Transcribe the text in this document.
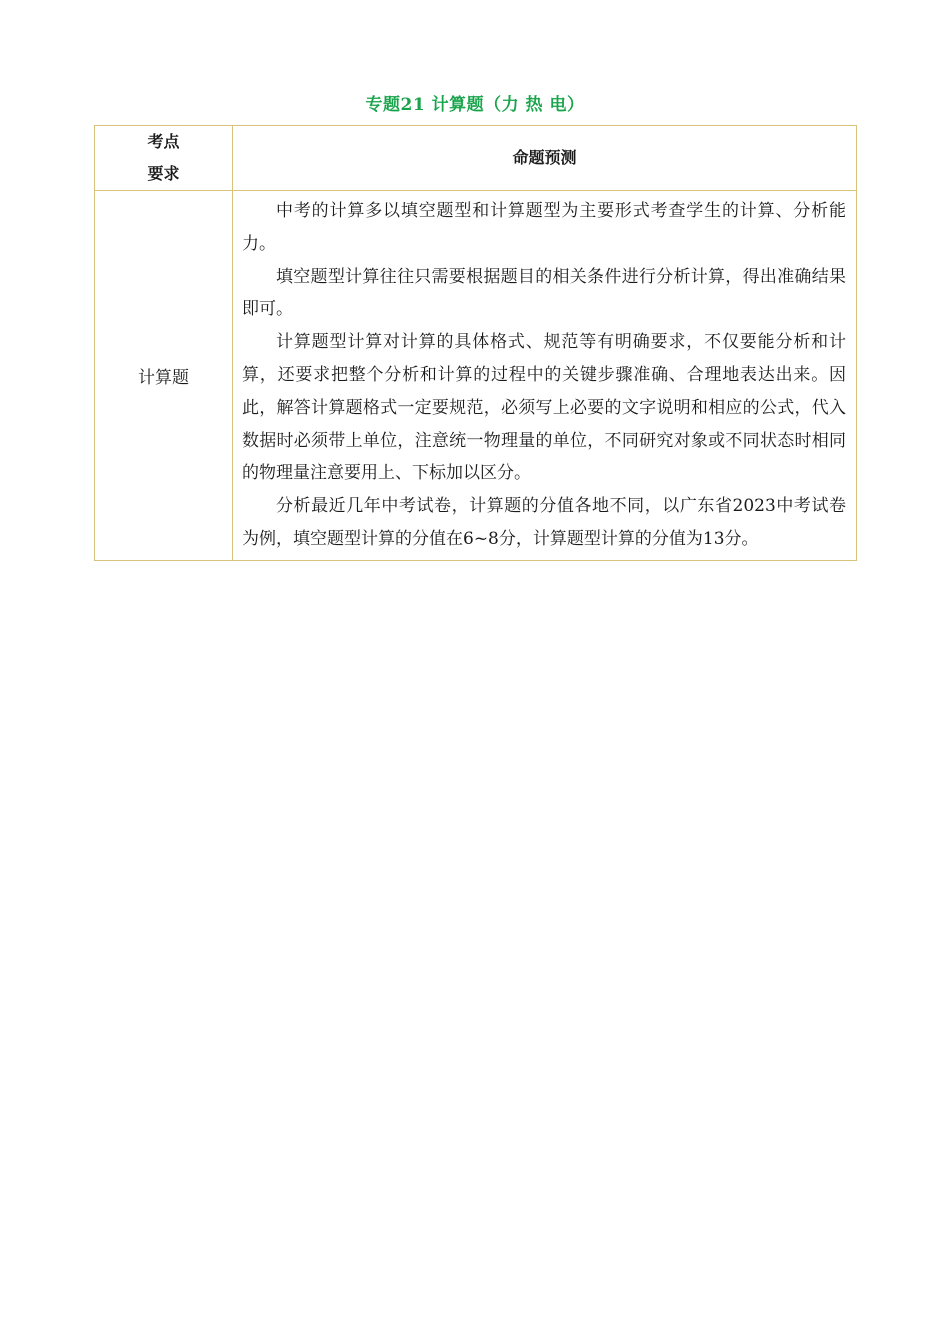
专题21 计算题（力 热 电）
考点
要求	命题预测
计算题	中考的计算多以填空题型和计算题型为主要形式考查学生的计算、分析能力。

填空题型计算往往只需要根据题目的相关条件进行分析计算，得出准确结果即可。

计算题型计算对计算的具体格式、规范等有明确要求，不仅要能分析和计算，还要求把整个分析和计算的过程中的关键步骤准确、合理地表达出来。因此，解答计算题格式一定要规范，必须写上必要的文字说明和相应的公式，代入数据时必须带上单位，注意统一物理量的单位，不同研究对象或不同状态时相同的物理量注意要用上、下标加以区分。

分析最近几年中考试卷，计算题的分值各地不同，以广东省2023中考试卷为例，填空题型计算的分值在6~8分，计算题型计算的分值为13分。
